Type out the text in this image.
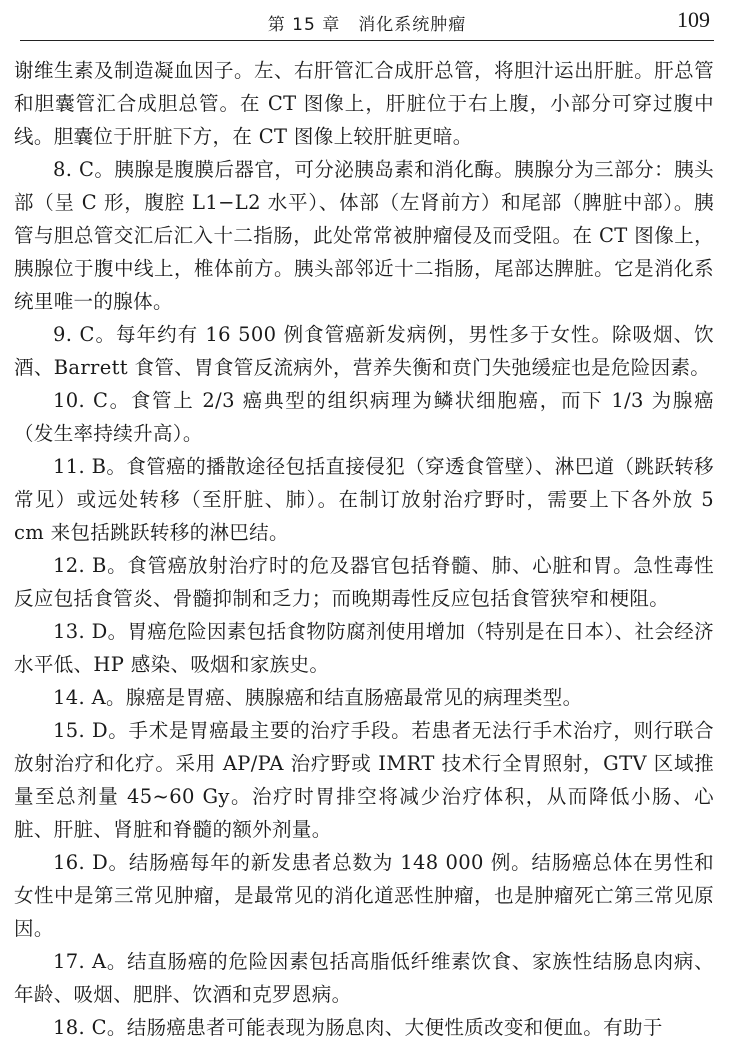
第 15 章　消化系统肿瘤	109

谢维生素及制造凝血因子。左、右肝管汇合成肝总管，将胆汁运出肝脏。肝总管和胆囊管汇合成胆总管。在 CT 图像上，肝脏位于右上腹，小部分可穿过腹中线。胆囊位于肝脏下方，在 CT 图像上较肝脏更暗。

8. C。胰腺是腹膜后器官，可分泌胰岛素和消化酶。胰腺分为三部分：胰头部（呈 C 形，腹腔 L1−L2 水平）、体部（左肾前方）和尾部（脾脏中部）。胰管与胆总管交汇后汇入十二指肠，此处常常被肿瘤侵及而受阻。在 CT 图像上，胰腺位于腹中线上，椎体前方。胰头部邻近十二指肠，尾部达脾脏。它是消化系统里唯一的腺体。

9. C。每年约有 16 500 例食管癌新发病例，男性多于女性。除吸烟、饮酒、Barrett 食管、胃食管反流病外，营养失衡和贲门失弛缓症也是危险因素。

10. C。食管上 2/3 癌典型的组织病理为鳞状细胞癌，而下 1/3 为腺癌（发生率持续升高）。

11. B。食管癌的播散途径包括直接侵犯（穿透食管壁）、淋巴道（跳跃转移常见）或远处转移（至肝脏、肺）。在制订放射治疗野时，需要上下各外放 5 cm 来包括跳跃转移的淋巴结。

12. B。食管癌放射治疗时的危及器官包括脊髓、肺、心脏和胃。急性毒性反应包括食管炎、骨髓抑制和乏力；而晚期毒性反应包括食管狭窄和梗阻。

13. D。胃癌危险因素包括食物防腐剂使用增加（特别是在日本）、社会经济水平低、HP 感染、吸烟和家族史。

14. A。腺癌是胃癌、胰腺癌和结直肠癌最常见的病理类型。

15. D。手术是胃癌最主要的治疗手段。若患者无法行手术治疗，则行联合放射治疗和化疗。采用 AP/PA 治疗野或 IMRT 技术行全胃照射，GTV 区域推量至总剂量 45~60 Gy。治疗时胃排空将减少治疗体积，从而降低小肠、心脏、肝脏、肾脏和脊髓的额外剂量。

16. D。结肠癌每年的新发患者总数为 148 000 例。结肠癌总体在男性和女性中是第三常见肿瘤，是最常见的消化道恶性肿瘤，也是肿瘤死亡第三常见原因。

17. A。结直肠癌的危险因素包括高脂低纤维素饮食、家族性结肠息肉病、年龄、吸烟、肥胖、饮酒和克罗恩病。

18. C。结肠癌患者可能表现为肠息肉、大便性质改变和便血。有助于
